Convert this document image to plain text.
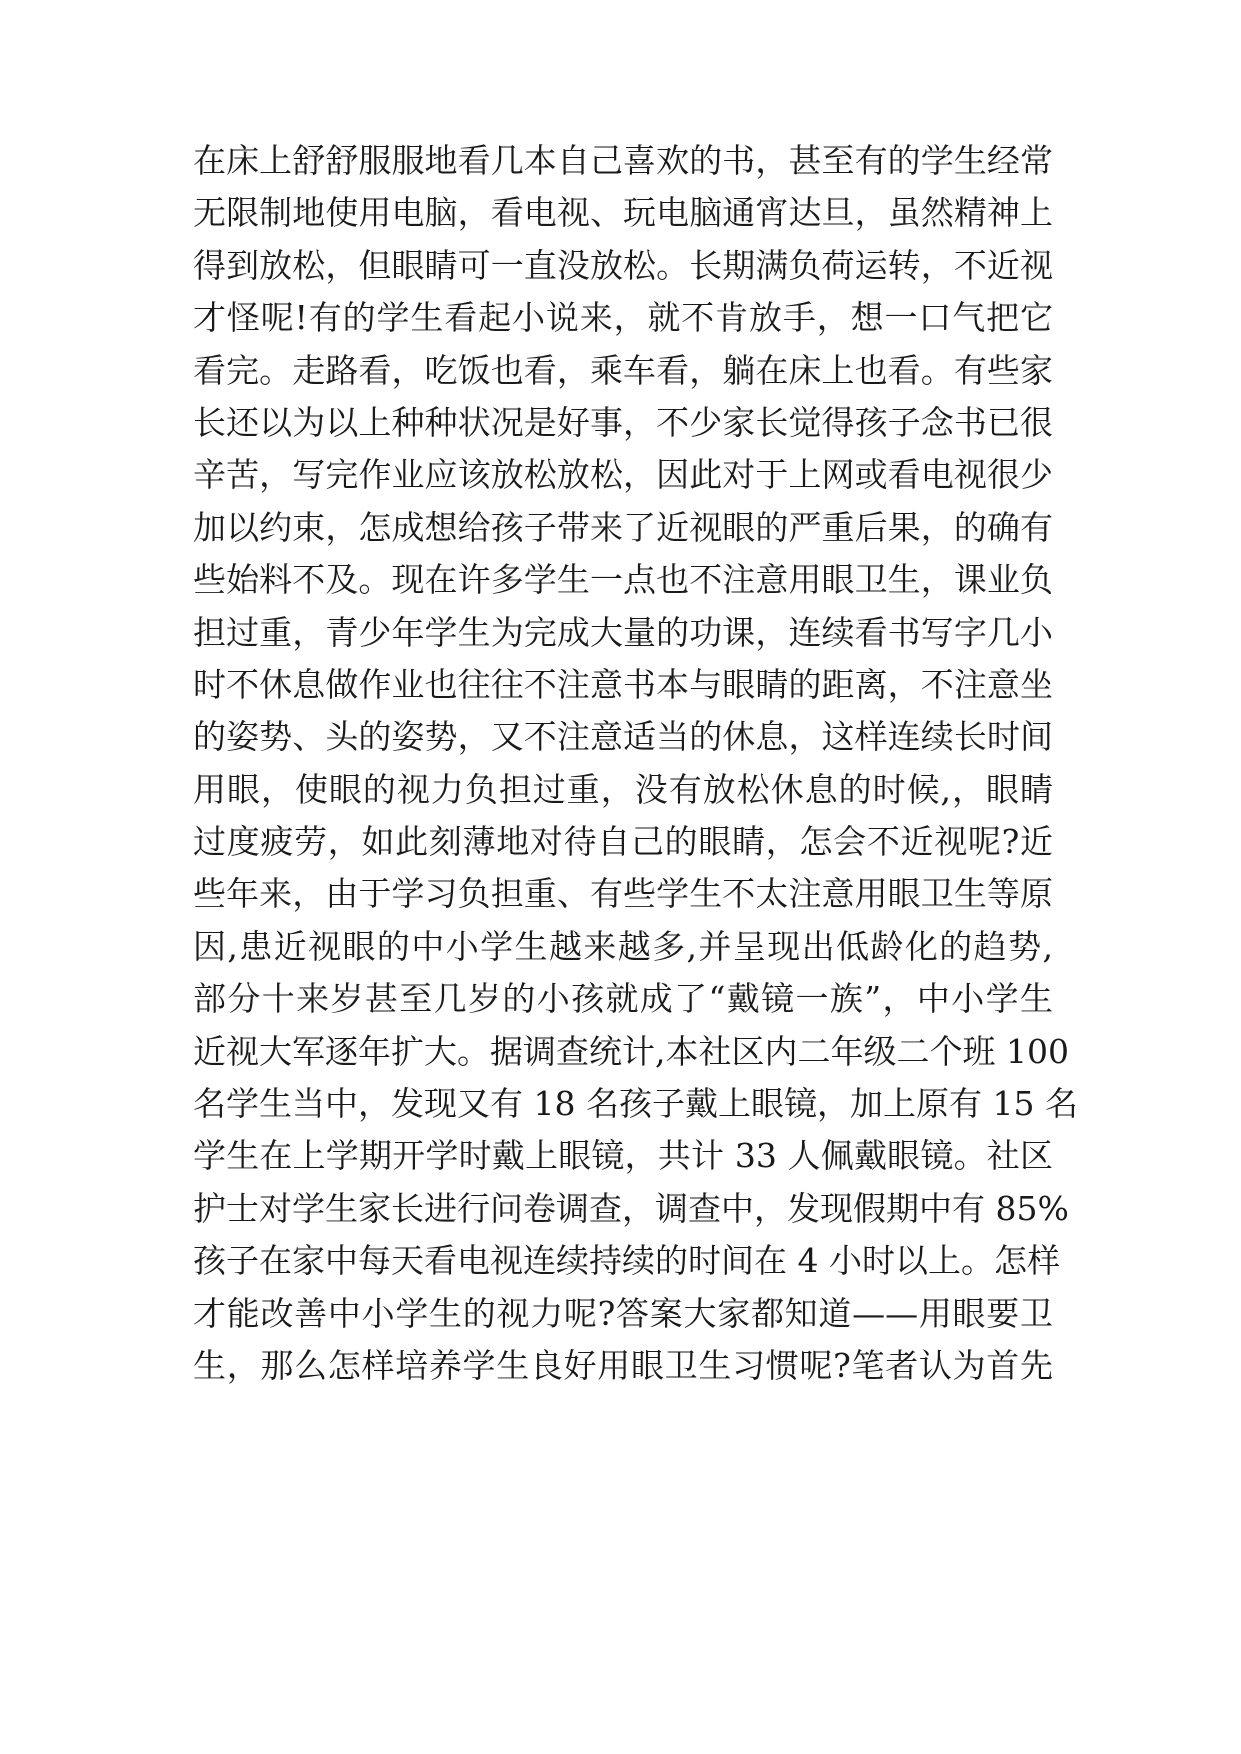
在床上舒舒服服地看几本自己喜欢的书，甚至有的学生经常
无限制地使用电脑，看电视、玩电脑通宵达旦，虽然精神上
得到放松，但眼睛可一直没放松。长期满负荷运转，不近视
才怪呢!有的学生看起小说来，就不肯放手，想一口气把它
看完。走路看，吃饭也看，乘车看，躺在床上也看。有些家
长还以为以上种种状况是好事，不少家长觉得孩子念书已很
辛苦，写完作业应该放松放松，因此对于上网或看电视很少
加以约束，怎成想给孩子带来了近视眼的严重后果，的确有
些始料不及。现在许多学生一点也不注意用眼卫生，课业负
担过重，青少年学生为完成大量的功课，连续看书写字几小
时不休息做作业也往往不注意书本与眼睛的距离，不注意坐
的姿势、头的姿势，又不注意适当的休息，这样连续长时间
用眼，使眼的视力负担过重，没有放松休息的时候,，眼睛
过度疲劳，如此刻薄地对待自己的眼睛，怎会不近视呢?近
些年来，由于学习负担重、有些学生不太注意用眼卫生等原
因,患近视眼的中小学生越来越多,并呈现出低龄化的趋势,
部分十来岁甚至几岁的小孩就成了“戴镜一族”，中小学生
近视大军逐年扩大。据调查统计,本社区内二年级二个班 100
名学生当中，发现又有 18 名孩子戴上眼镜，加上原有 15 名
学生在上学期开学时戴上眼镜，共计 33 人佩戴眼镜。社区
护士对学生家长进行问卷调查，调查中，发现假期中有 85%
孩子在家中每天看电视连续持续的时间在 4 小时以上。怎样
才能改善中小学生的视力呢?答案大家都知道——用眼要卫
生，那么怎样培养学生良好用眼卫生习惯呢?笔者认为首先
